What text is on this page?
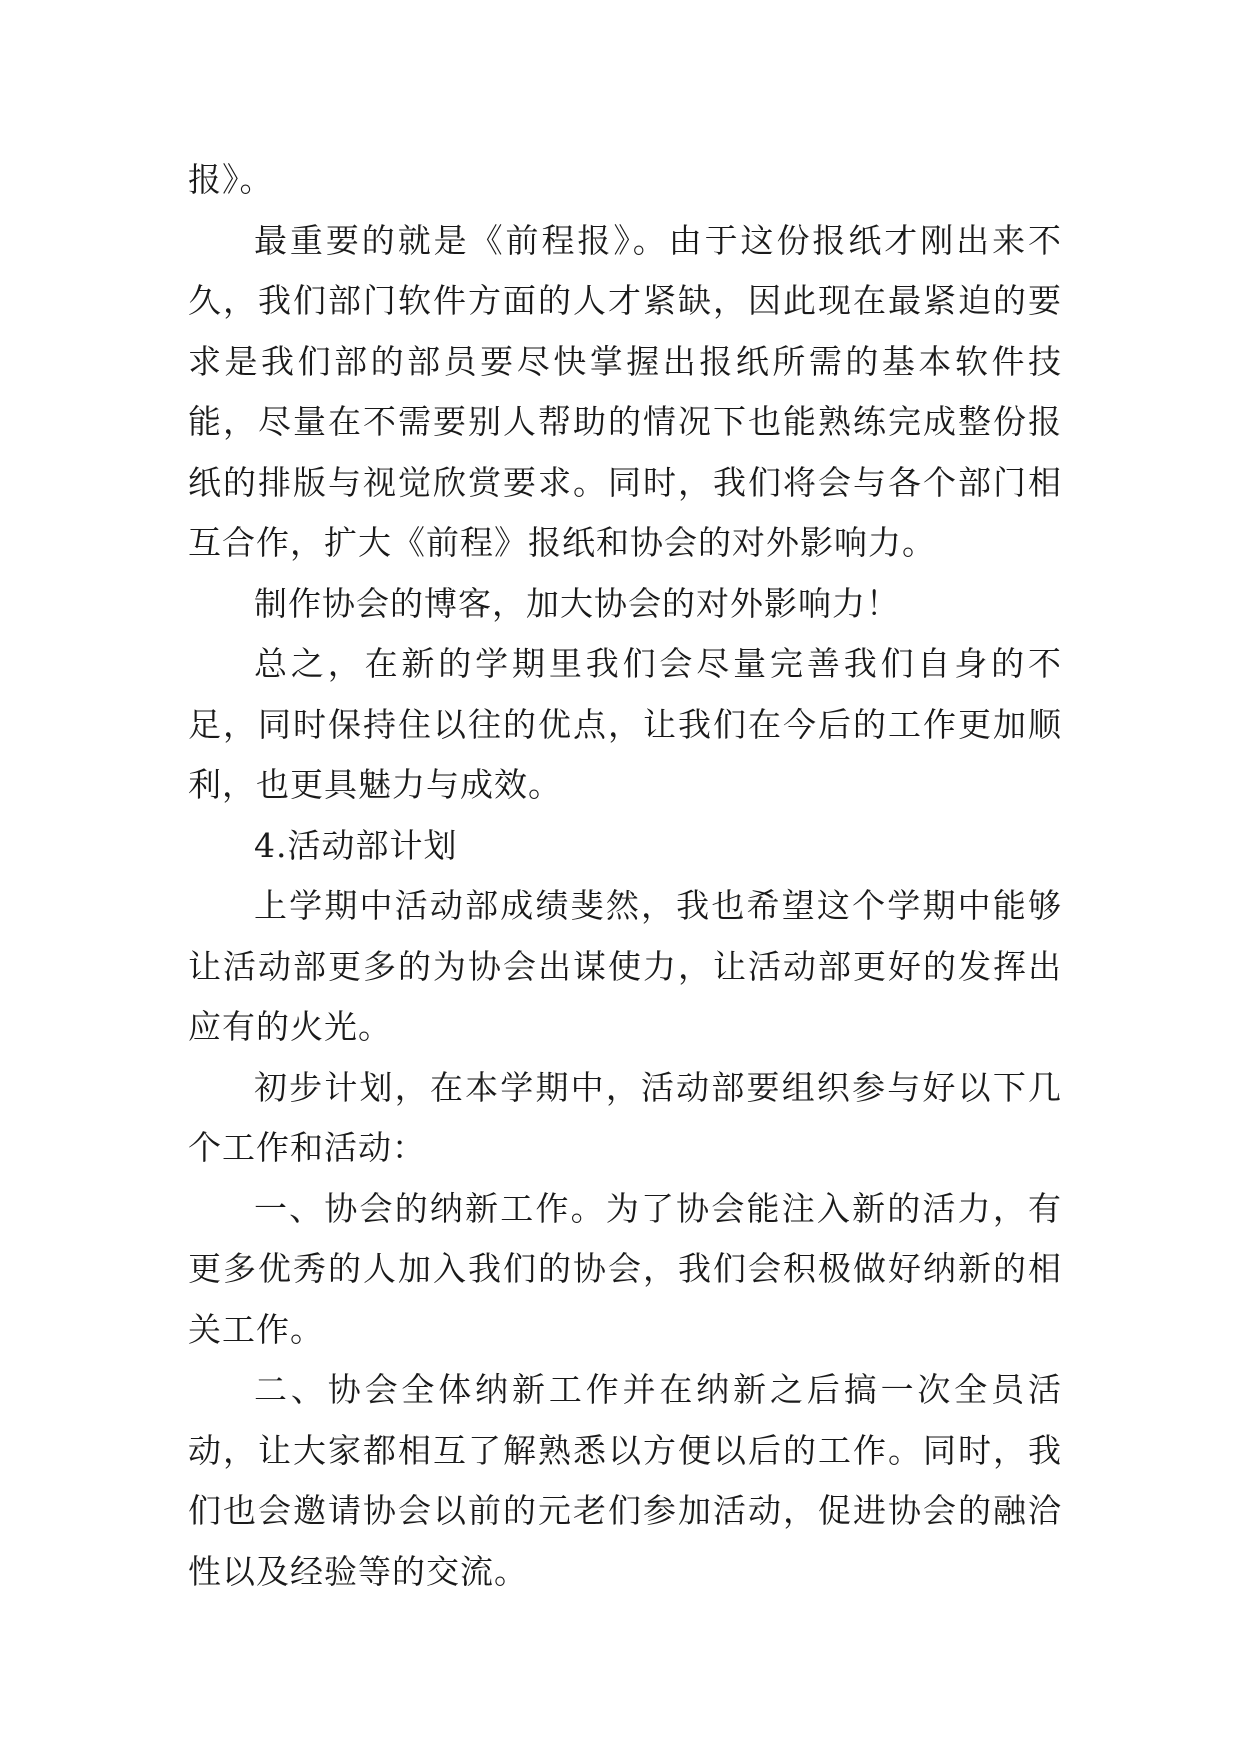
报》。

最重要的就是《前程报》。由于这份报纸才刚出来不久，我们部门软件方面的人才紧缺，因此现在最紧迫的要求是我们部的部员要尽快掌握出报纸所需的基本软件技能，尽量在不需要别人帮助的情况下也能熟练完成整份报纸的排版与视觉欣赏要求。同时，我们将会与各个部门相互合作，扩大《前程》报纸和协会的对外影响力。

制作协会的博客，加大协会的对外影响力！

总之，在新的学期里我们会尽量完善我们自身的不足，同时保持住以往的优点，让我们在今后的工作更加顺利，也更具魅力与成效。

4.活动部计划

上学期中活动部成绩斐然，我也希望这个学期中能够让活动部更多的为协会出谋使力，让活动部更好的发挥出应有的火光。

初步计划，在本学期中，活动部要组织参与好以下几个工作和活动：

一、协会的纳新工作。为了协会能注入新的活力，有更多优秀的人加入我们的协会，我们会积极做好纳新的相关工作。

二、协会全体纳新工作并在纳新之后搞一次全员活动，让大家都相互了解熟悉以方便以后的工作。同时，我们也会邀请协会以前的元老们参加活动，促进协会的融洽性以及经验等的交流。
